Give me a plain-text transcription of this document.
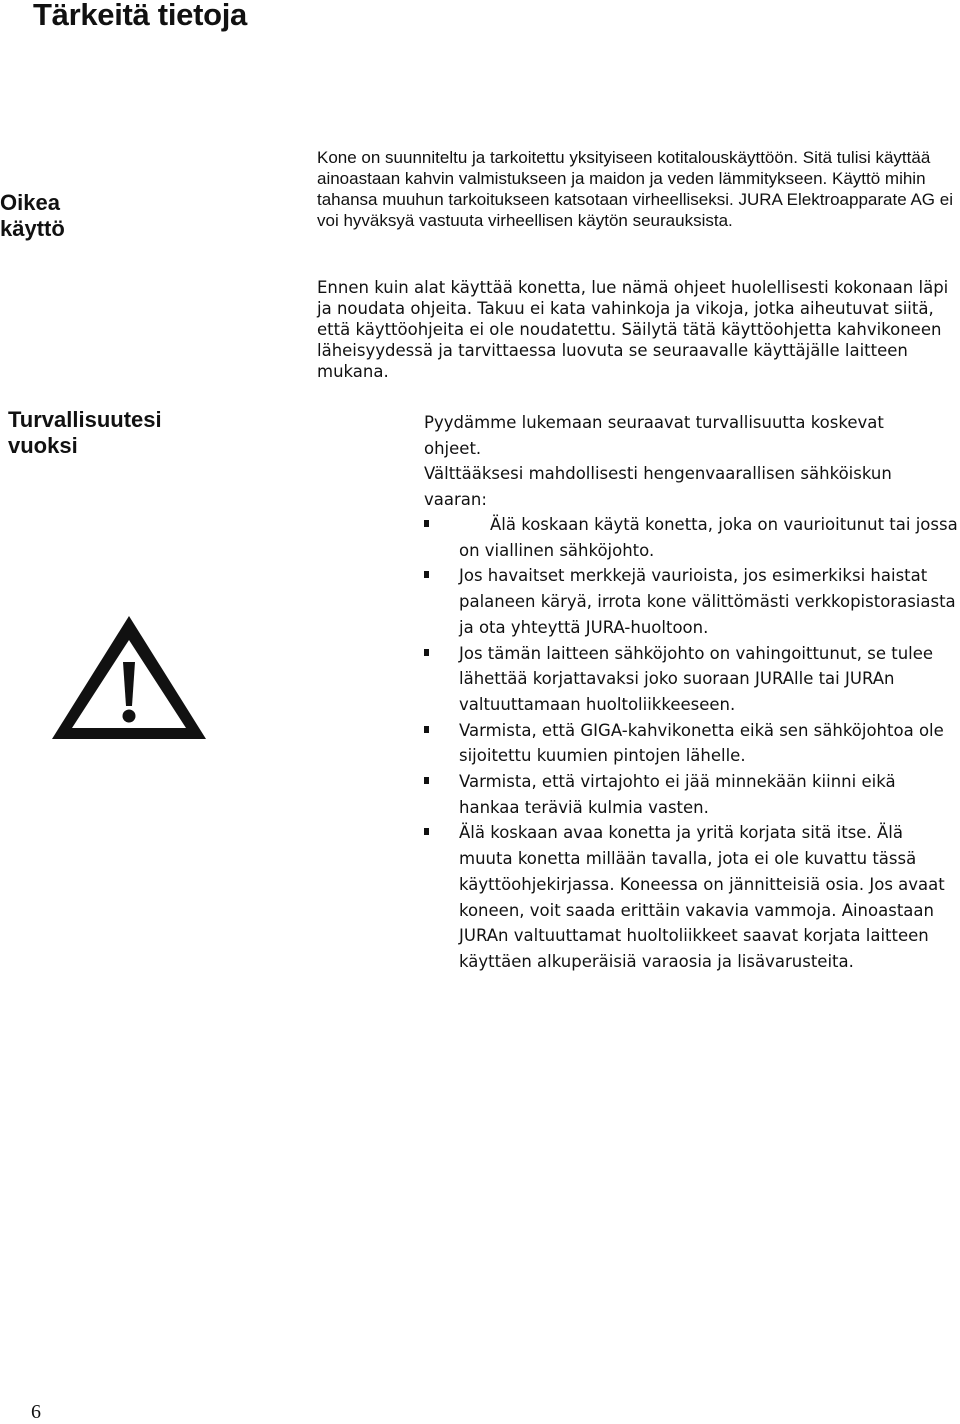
Tärkeitä tietoja
Oikea
käyttö

Kone on suunniteltu ja tarkoitettu yksityiseen kotitalouskäyttöön. Sitä tulisi käyttää ainoastaan kahvin valmistukseen ja maidon ja veden lämmitykseen. Käyttö mihin tahansa muuhun tarkoitukseen katsotaan virheelliseksi. JURA Elektroapparate AG ei voi hyväksyä vastuuta virheellisen käytön seurauksista.

Ennen kuin alat käyttää konetta, lue nämä ohjeet huolellisesti kokonaan läpi ja noudata ohjeita. Takuu ei kata vahinkoja ja vikoja, jotka aiheutuvat siitä, että käyttöohjeita ei ole noudatettu. Säilytä tätä käyttöohjetta kahvikoneen läheisyydessä ja tarvittaessa luovuta se seuraavalle käyttäjälle laitteen mukana.

Turvallisuutesi
vuoksi

Pyydämme lukemaan seuraavat turvallisuutta koskevat ohjeet.

Välttääksesi mahdollisesti hengenvaarallisen sähköiskun vaaran:

Älä koskaan käytä konetta, joka on vaurioitunut tai jossa on viallinen sähköjohto.
Jos havaitset merkkejä vaurioista, jos esimerkiksi haistat palaneen käryä, irrota kone välittömästi verkkopistorasiasta ja ota yhteyttä JURA-huoltoon.
Jos tämän laitteen sähköjohto on vahingoittunut, se tulee lähettää korjattavaksi joko suoraan JURAlle tai JURAn valtuuttamaan huoltoliikkeeseen.
Varmista, että GIGA-kahvikonetta eikä sen sähköjohtoa ole sijoitettu kuumien pintojen lähelle.
Varmista, että virtajohto ei jää minnekään kiinni eikä hankaa teräviä kulmia vasten.
Älä koskaan avaa konetta ja yritä korjata sitä itse. Älä muuta konetta millään tavalla, jota ei ole kuvattu tässä käyttöohjekirjassa. Koneessa on jännitteisiä osia. Jos avaat koneen, voit saada erittäin vakavia vammoja. Ainoastaan JURAn valtuuttamat huoltoliikkeet saavat korjata laitteen käyttäen alkuperäisiä varaosia ja lisävarusteita.

6
